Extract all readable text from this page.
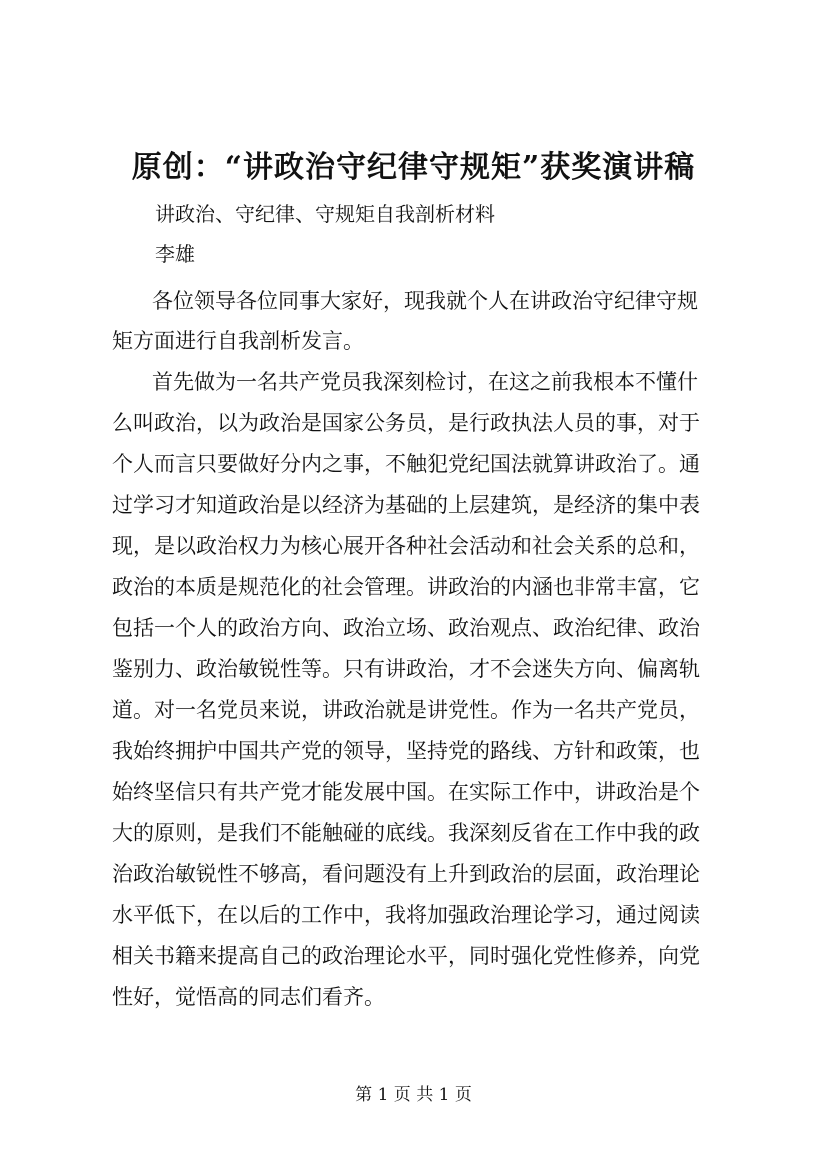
原创：“讲政治守纪律守规矩”获奖演讲稿

讲政治、守纪律、守规矩自我剖析材料

李雄

各位领导各位同事大家好，现我就个人在讲政治守纪律守规

矩方面进行自我剖析发言。

首先做为一名共产党员我深刻检讨，在这之前我根本不懂什

么叫政治，以为政治是国家公务员，是行政执法人员的事，对于

个人而言只要做好分内之事，不触犯党纪国法就算讲政治了。通

过学习才知道政治是以经济为基础的上层建筑，是经济的集中表

现，是以政治权力为核心展开各种社会活动和社会关系的总和，

政治的本质是规范化的社会管理。讲政治的内涵也非常丰富，它

包括一个人的政治方向、政治立场、政治观点、政治纪律、政治

鉴别力、政治敏锐性等。只有讲政治，才不会迷失方向、偏离轨

道。对一名党员来说，讲政治就是讲党性。作为一名共产党员，

我始终拥护中国共产党的领导，坚持党的路线、方针和政策，也

始终坚信只有共产党才能发展中国。在实际工作中，讲政治是个

大的原则，是我们不能触碰的底线。我深刻反省在工作中我的政

治政治敏锐性不够高，看问题没有上升到政治的层面，政治理论

水平低下，在以后的工作中，我将加强政治理论学习，通过阅读

相关书籍来提高自己的政治理论水平，同时强化党性修养，向党

性好，觉悟高的同志们看齐。

第 1 页 共 1 页
